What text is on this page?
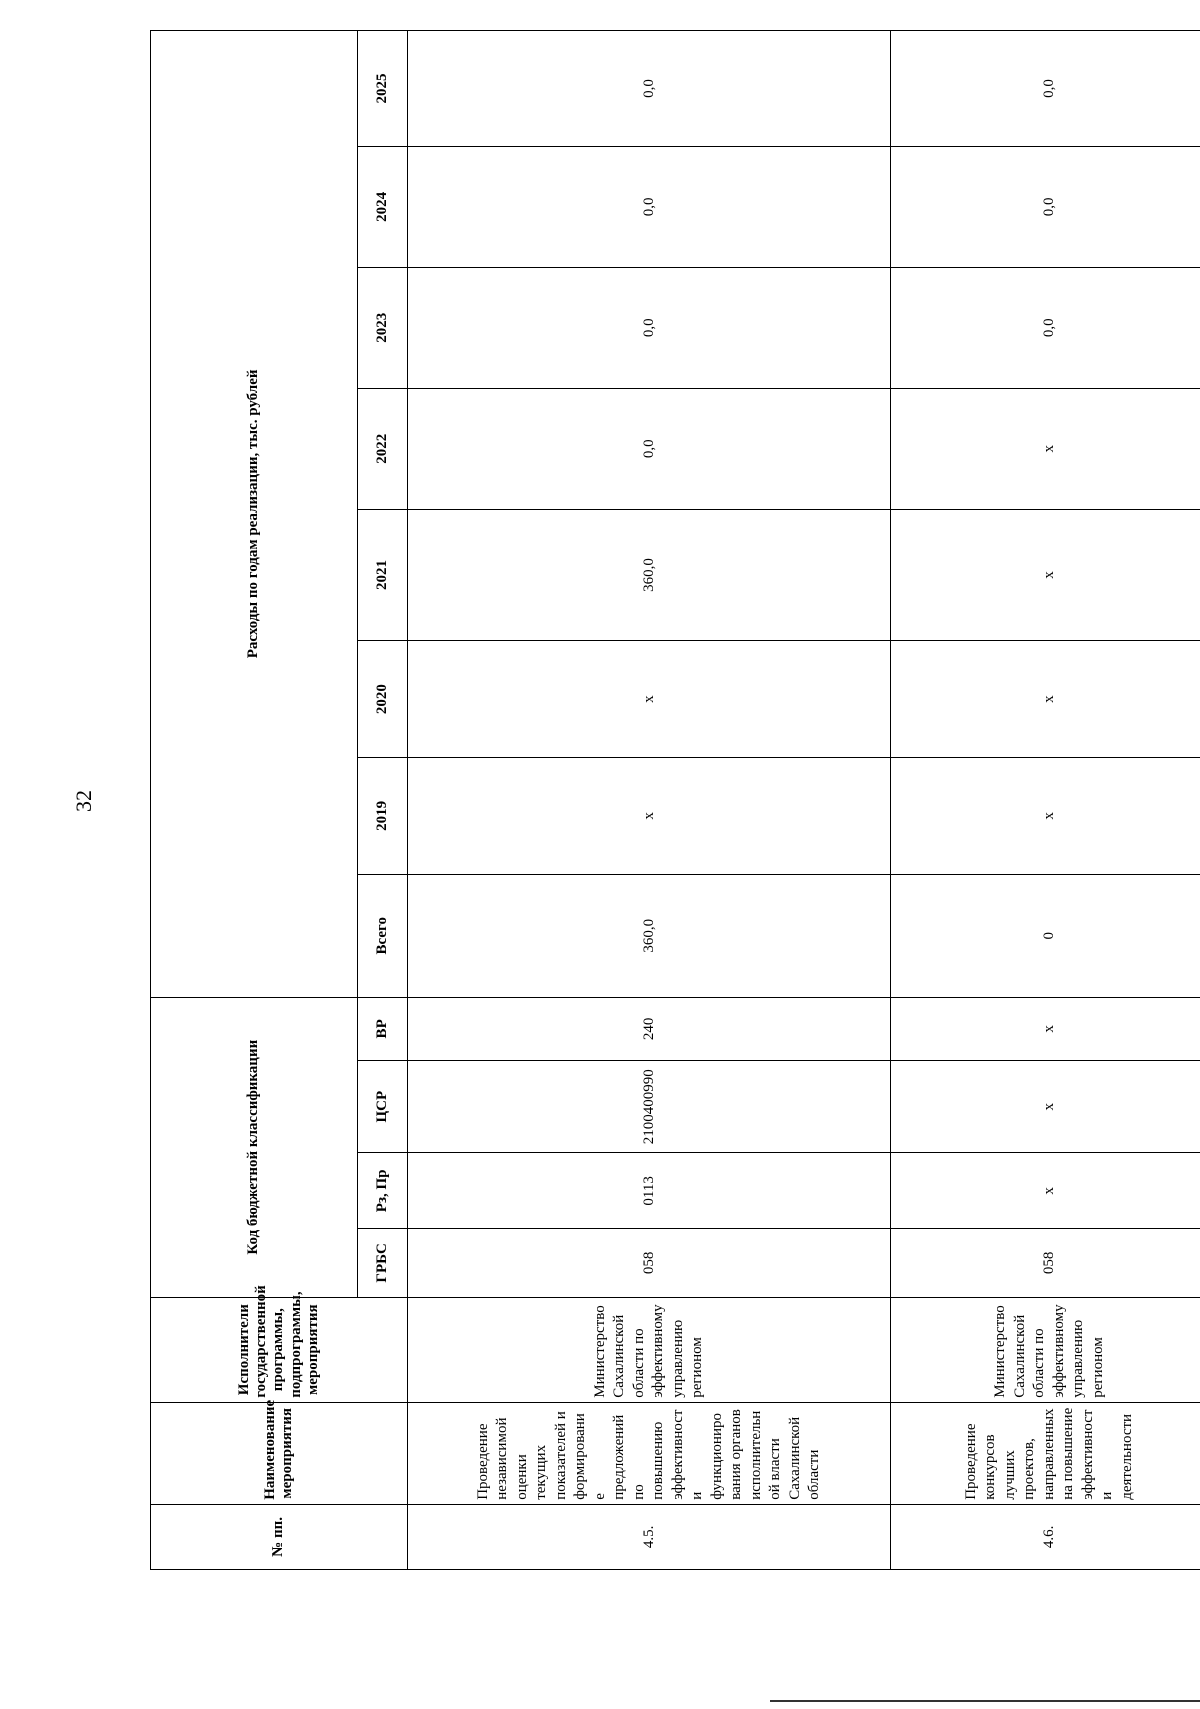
32
№ пп.	Наименование мероприятия	Исполнители государственной программы, подпрограммы, мероприятия	Код бюджетной классификации				Расходы по годам реализации, тыс. рублей							
			ГРБС	Рз, Пр	ЦСР	ВР	Всего	2019	2020	2021	2022	2023	2024	2025
4.5.	Проведение независимой оценки текущих показателей и формирование предложений по повышению эффективности функционирования органов исполнительной власти Сахалинской области	Министерство Сахалинской области по эффективному управлению регионом	058	0113	2100400990	240	360,0	x	x	360,0	0,0	0,0	0,0	0,0
4.6.	Проведение конкурсов лучших проектов, направленных на повышение эффективности деятельности	Министерство Сахалинской области по эффективному управлению регионом	058	x	x	x	0	x	x	x	x	0,0	0,0	0,0
